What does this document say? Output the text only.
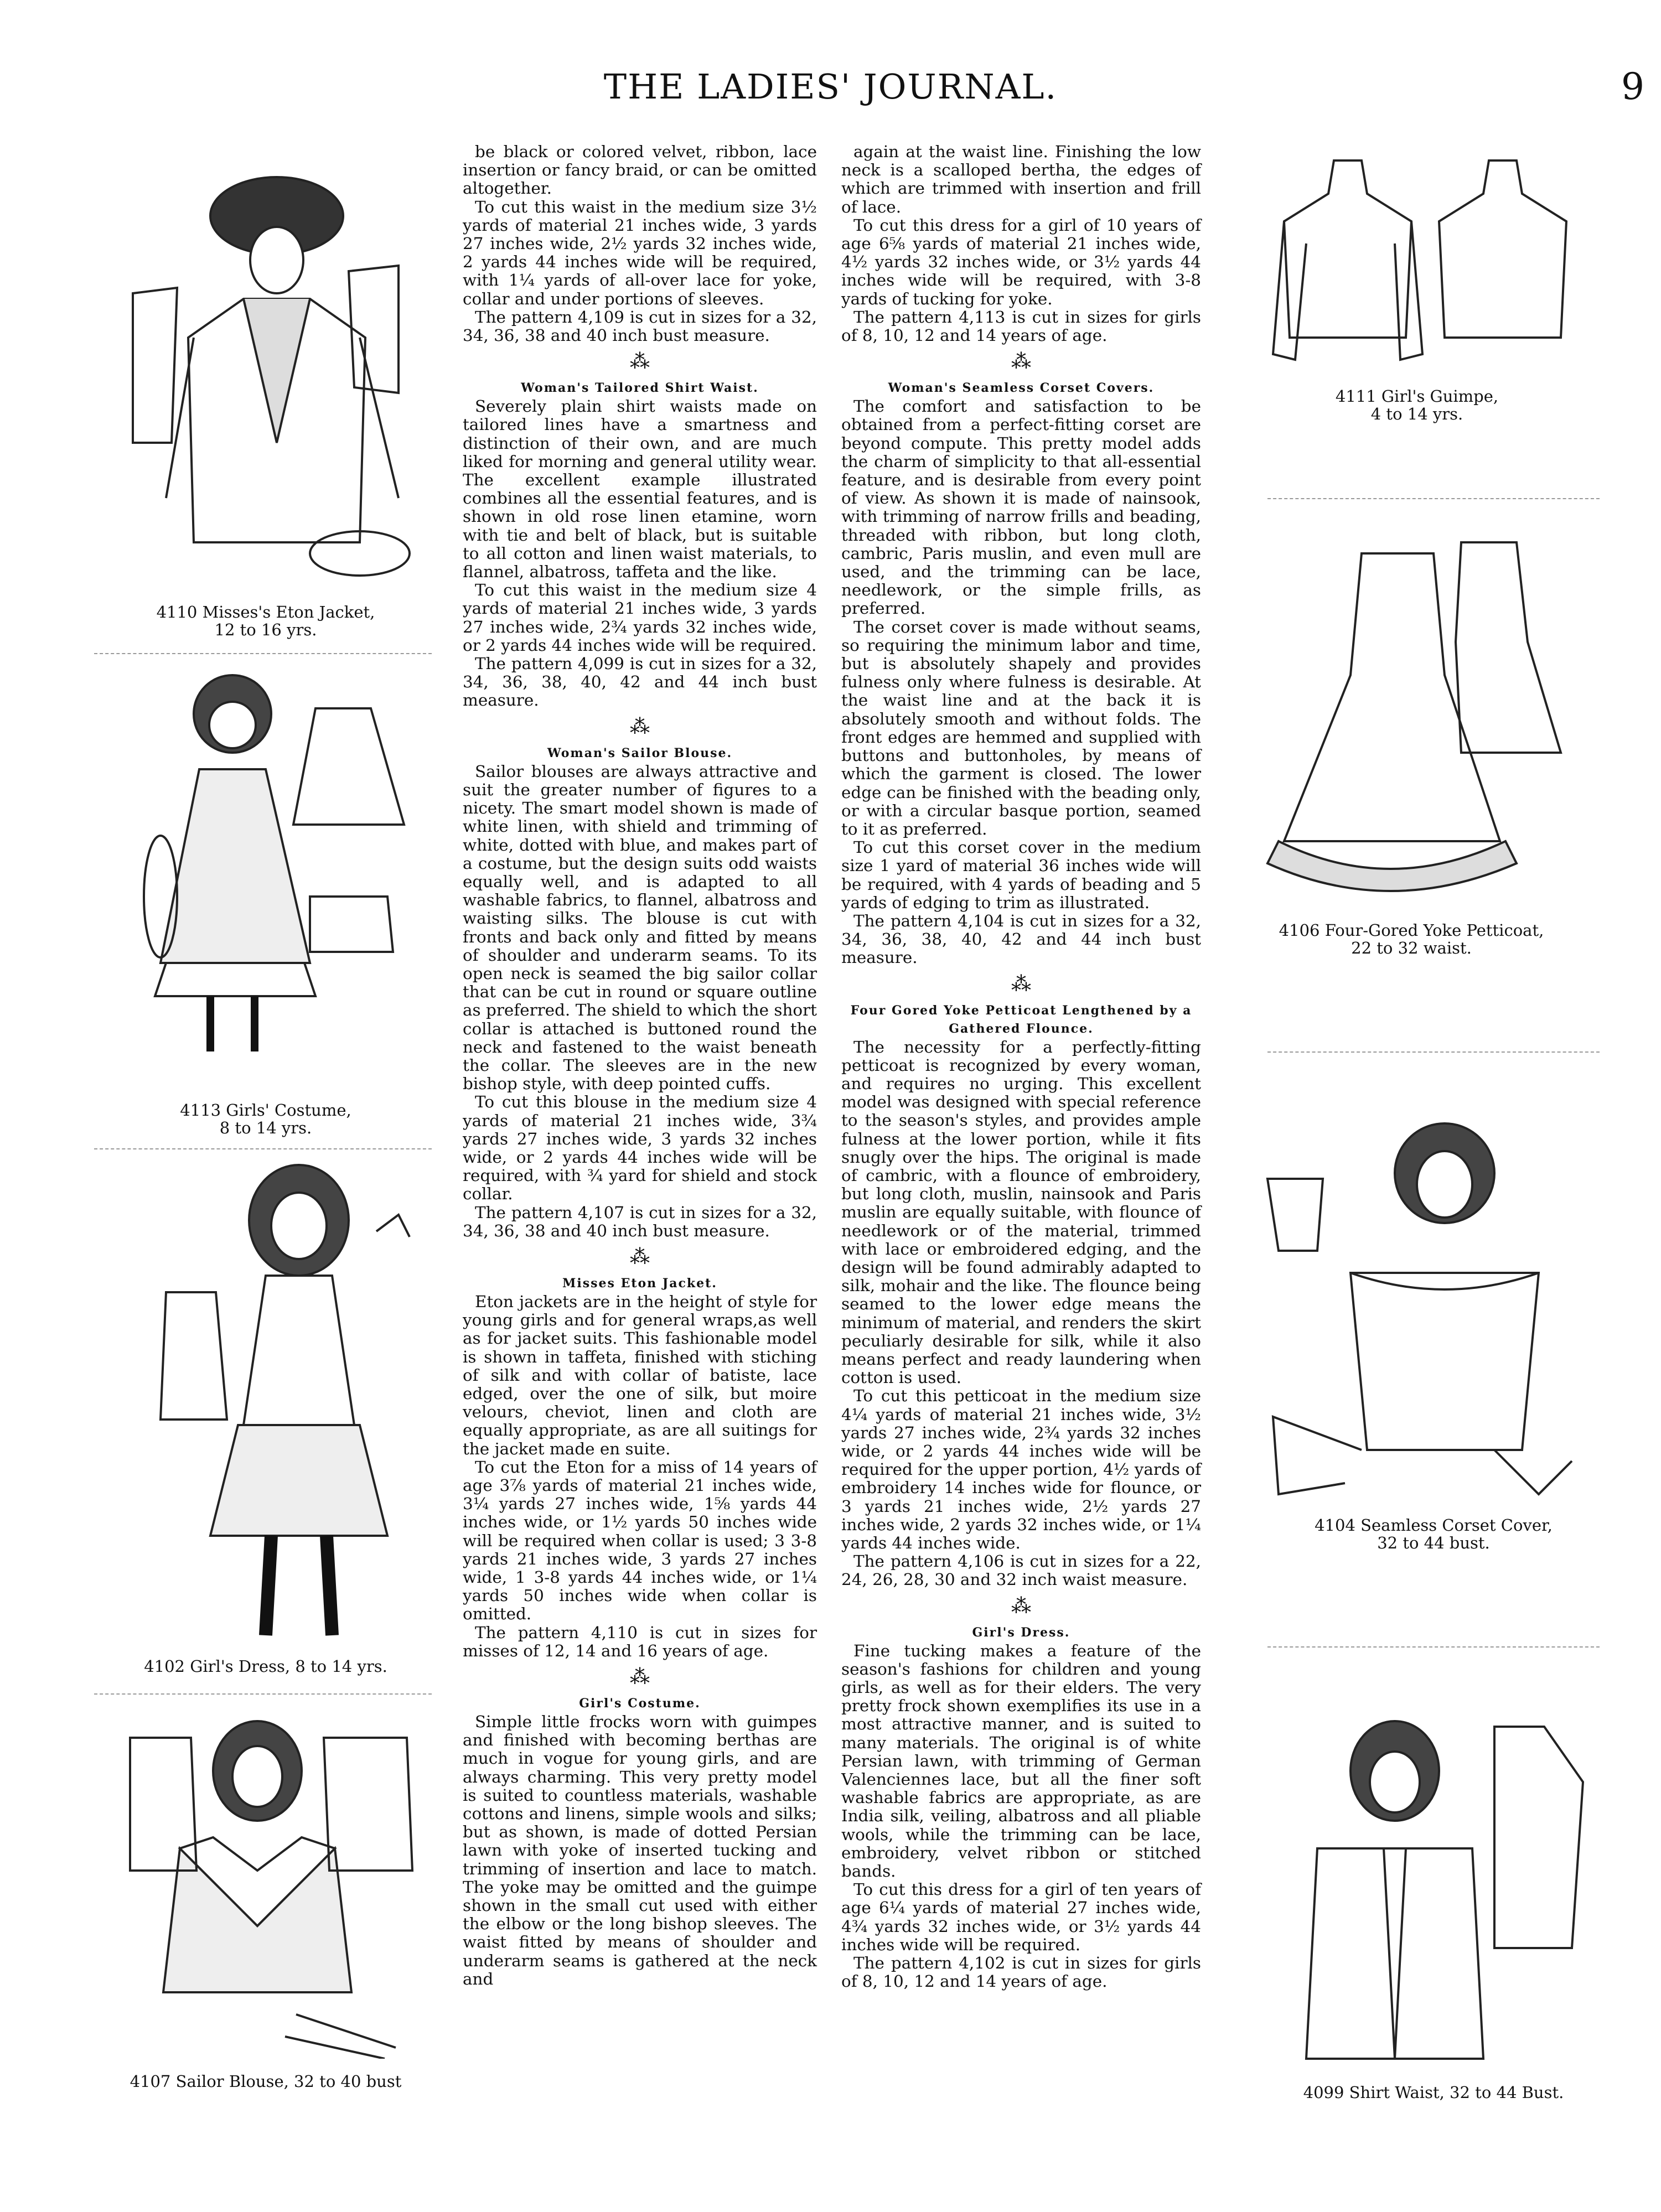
THE LADIES' JOURNAL.	9
4110 Misses's Eton Jacket,
12 to 16 yrs.
4113 Girls' Costume,
8 to 14 yrs.
4102 Girl's Dress, 8 to 14 yrs.
4107 Sailor Blouse, 32 to 40 bust
be black or colored velvet, ribbon, lace insertion or fancy braid, or can be omitted altogether.
To cut this waist in the medium size 3½ yards of material 21 inches wide, 3 yards 27 inches wide, 2½ yards 32 inches wide, 2 yards 44 inches wide will be required, with 1¼ yards of all-over lace for yoke, collar and under portions of sleeves.
The pattern 4,109 is cut in sizes for a 32, 34, 36, 38 and 40 inch bust measure.
⁂
Woman's Tailored Shirt Waist.
Severely plain shirt waists made on tailored lines have a smartness and distinction of their own, and are much liked for morning and general utility wear. The excellent example illustrated combines all the essential features, and is shown in old rose linen etamine, worn with tie and belt of black, but is suitable to all cotton and linen waist materials, to flannel, albatross, taffeta and the like.
To cut this waist in the medium size 4 yards of material 21 inches wide, 3 yards 27 inches wide, 2¾ yards 32 inches wide, or 2 yards 44 inches wide will be required.
The pattern 4,099 is cut in sizes for a 32, 34, 36, 38, 40, 42 and 44 inch bust measure.
⁂
Woman's Sailor Blouse.
Sailor blouses are always attractive and suit the greater number of figures to a nicety. The smart model shown is made of white linen, with shield and trimming of white, dotted with blue, and makes part of a costume, but the design suits odd waists equally well, and is adapted to all washable fabrics, to flannel, albatross and waisting silks. The blouse is cut with fronts and back only and fitted by means of shoulder and underarm seams. To its open neck is seamed the big sailor collar that can be cut in round or square outline as preferred. The shield to which the short collar is attached is buttoned round the neck and fastened to the waist beneath the collar. The sleeves are in the new bishop style, with deep pointed cuffs.
To cut this blouse in the medium size 4 yards of material 21 inches wide, 3¾ yards 27 inches wide, 3 yards 32 inches wide, or 2 yards 44 inches wide will be required, with ¾ yard for shield and stock collar.
The pattern 4,107 is cut in sizes for a 32, 34, 36, 38 and 40 inch bust measure.
⁂
Misses Eton Jacket.
Eton jackets are in the height of style for young girls and for general wraps,as well as for jacket suits. This fashionable model is shown in taffeta, finished with stiching of silk and with collar of batiste, lace edged, over the one of silk, but moire velours, cheviot, linen and cloth are equally appropriate, as are all suitings for the jacket made en suite.
To cut the Eton for a miss of 14 years of age 3⅞ yards of material 21 inches wide, 3¼ yards 27 inches wide, 1⅝ yards 44 inches wide, or 1½ yards 50 inches wide will be required when collar is used; 3 3-8 yards 21 inches wide, 3 yards 27 inches wide, 1 3-8 yards 44 inches wide, or 1¼ yards 50 inches wide when collar is omitted.
The pattern 4,110 is cut in sizes for misses of 12, 14 and 16 years of age.
⁂
Girl's Costume.
Simple little frocks worn with guimpes and finished with becoming berthas are much in vogue for young girls, and are always charming. This very pretty model is suited to countless materials, washable cottons and linens, simple wools and silks; but as shown, is made of dotted Persian lawn with yoke of inserted tucking and trimming of insertion and lace to match. The yoke may be omitted and the guimpe shown in the small cut used with either the elbow or the long bishop sleeves. The waist fitted by means of shoulder and underarm seams is gathered at the neck and
again at the waist line. Finishing the low neck is a scalloped bertha, the edges of which are trimmed with insertion and frill of lace.
To cut this dress for a girl of 10 years of age 6⅝ yards of material 21 inches wide, 4½ yards 32 inches wide, or 3½ yards 44 inches wide will be required, with 3-8 yards of tucking for yoke.
The pattern 4,113 is cut in sizes for girls of 8, 10, 12 and 14 years of age.
⁂
Woman's Seamless Corset Covers.
The comfort and satisfaction to be obtained from a perfect-fitting corset are beyond compute. This pretty model adds the charm of simplicity to that all-essential feature, and is desirable from every point of view. As shown it is made of nainsook, with trimming of narrow frills and beading, threaded with ribbon, but long cloth, cambric, Paris muslin, and even mull are used, and the trimming can be lace, needlework, or the simple frills, as preferred.
The corset cover is made without seams, so requiring the minimum labor and time, but is absolutely shapely and provides fulness only where fulness is desirable. At the waist line and at the back it is absolutely smooth and without folds. The front edges are hemmed and supplied with buttons and buttonholes, by means of which the garment is closed. The lower edge can be finished with the beading only, or with a circular basque portion, seamed to it as preferred.
To cut this corset cover in the medium size 1 yard of material 36 inches wide will be required, with 4 yards of beading and 5 yards of edging to trim as illustrated.
The pattern 4,104 is cut in sizes for a 32, 34, 36, 38, 40, 42 and 44 inch bust measure.
⁂
Four Gored Yoke Petticoat Lengthened by a Gathered Flounce.
The necessity for a perfectly-fitting petticoat is recognized by every woman, and requires no urging. This excellent model was designed with special reference to the season's styles, and provides ample fulness at the lower portion, while it fits snugly over the hips. The original is made of cambric, with a flounce of embroidery, but long cloth, muslin, nainsook and Paris muslin are equally suitable, with flounce of needlework or of the material, trimmed with lace or embroidered edging, and the design will be found admirably adapted to silk, mohair and the like. The flounce being seamed to the lower edge means the minimum of material, and renders the skirt peculiarly desirable for silk, while it also means perfect and ready laundering when cotton is used.
To cut this petticoat in the medium size 4¼ yards of material 21 inches wide, 3½ yards 27 inches wide, 2¾ yards 32 inches wide, or 2 yards 44 inches wide will be required for the upper portion, 4½ yards of embroidery 14 inches wide for flounce, or 3 yards 21 inches wide, 2½ yards 27 inches wide, 2 yards 32 inches wide, or 1¼ yards 44 inches wide.
The pattern 4,106 is cut in sizes for a 22, 24, 26, 28, 30 and 32 inch waist measure.
⁂
Girl's Dress.
Fine tucking makes a feature of the season's fashions for children and young girls, as well as for their elders. The very pretty frock shown exemplifies its use in a most attractive manner, and is suited to many materials. The original is of white Persian lawn, with trimming of German Valenciennes lace, but all the finer soft washable fabrics are appropriate, as are India silk, veiling, albatross and all pliable wools, while the trimming can be lace, embroidery, velvet ribbon or stitched bands.
To cut this dress for a girl of ten years of age 6¼ yards of material 27 inches wide, 4¾ yards 32 inches wide, or 3½ yards 44 inches wide will be required.
The pattern 4,102 is cut in sizes for girls of 8, 10, 12 and 14 years of age.
4111 Girl's Guimpe,
4 to 14 yrs.
4106 Four-Gored Yoke Petticoat,
22 to 32 waist.
4104 Seamless Corset Cover,
32 to 44 bust.
4099 Shirt Waist, 32 to 44 Bust.
